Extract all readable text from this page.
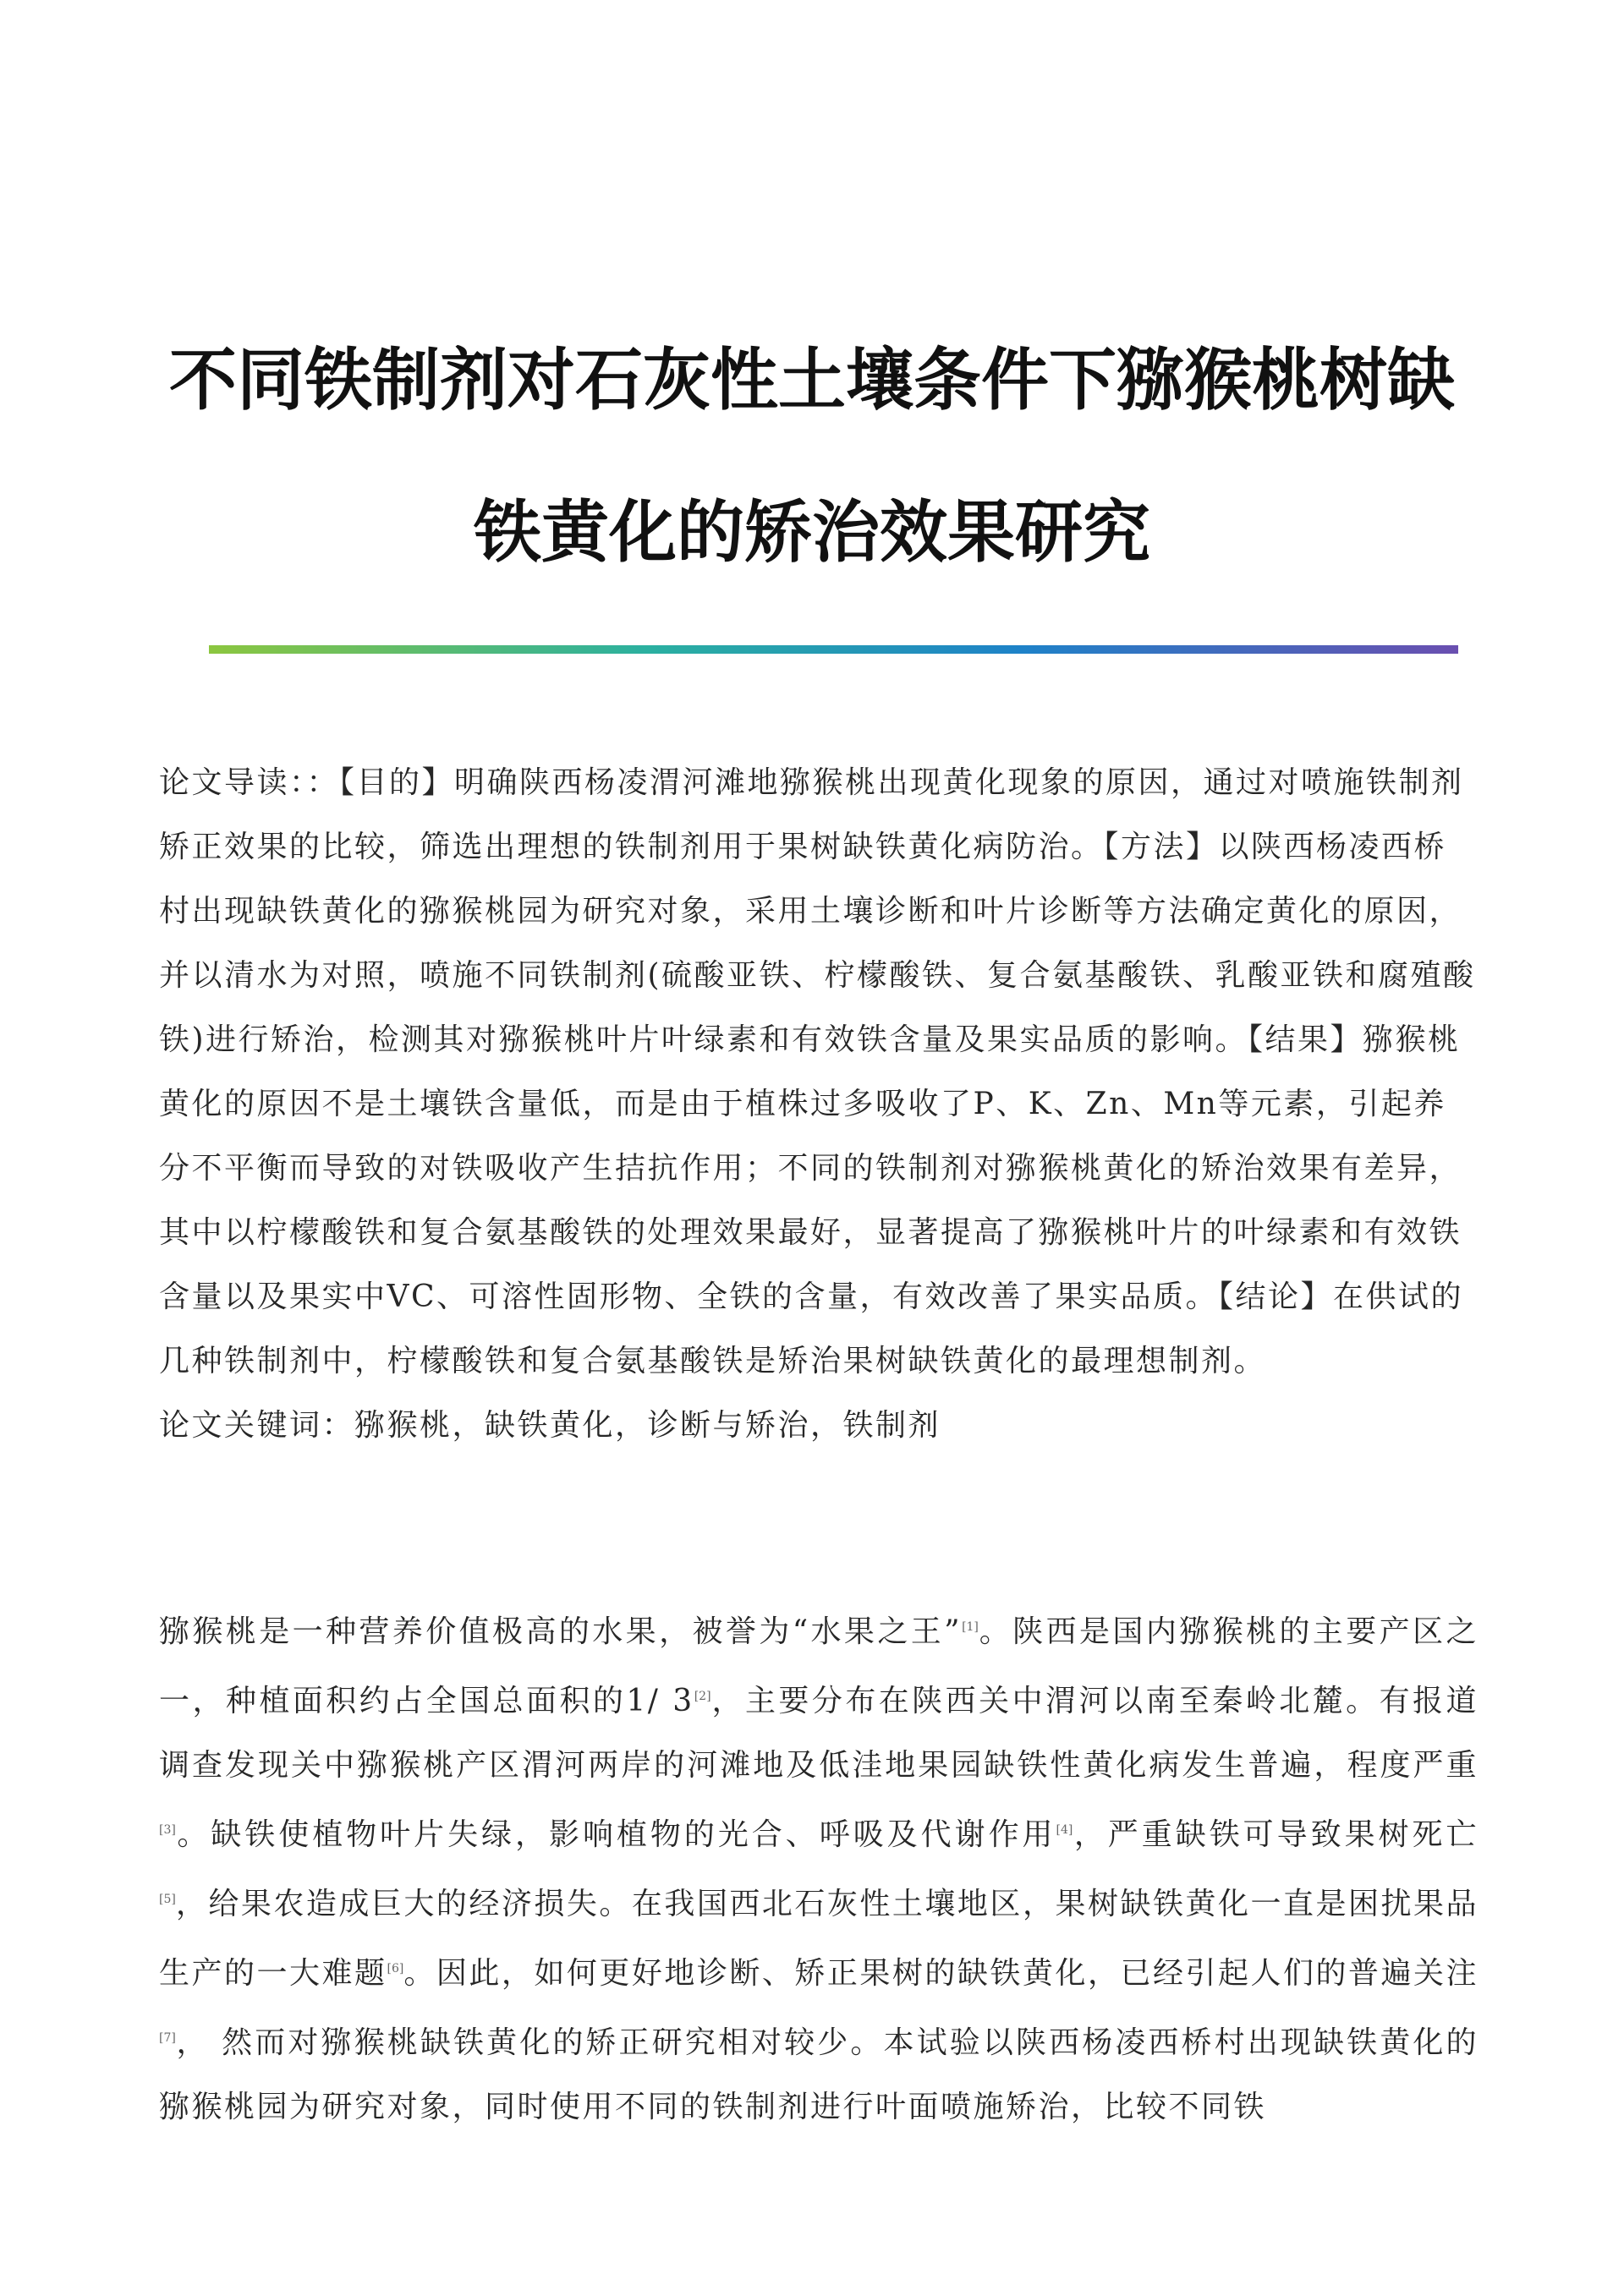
不同铁制剂对石灰性土壤条件下猕猴桃树缺
铁黄化的矫治效果研究

论文导读：：【目的】明确陕西杨凌渭河滩地猕猴桃出现黄化现象的原因，通过对喷施铁制剂矫正效果的比较，筛选出理想的铁制剂用于果树缺铁黄化病防治。【方法】以陕西杨凌西桥村出现缺铁黄化的猕猴桃园为研究对象，采用土壤诊断和叶片诊断等方法确定黄化的原因，并以清水为对照，喷施不同铁制剂(硫酸亚铁、柠檬酸铁、复合氨基酸铁、乳酸亚铁和腐殖酸铁)进行矫治，检测其对猕猴桃叶片叶绿素和有效铁含量及果实品质的影响。【结果】猕猴桃黄化的原因不是土壤铁含量低，而是由于植株过多吸收了P、K、Zn、Mn等元素，引起养分不平衡而导致的对铁吸收产生拮抗作用；不同的铁制剂对猕猴桃黄化的矫治效果有差异，其中以柠檬酸铁和复合氨基酸铁的处理效果最好，显著提高了猕猴桃叶片的叶绿素和有效铁含量以及果实中VC、可溶性固形物、全铁的含量，有效改善了果实品质。【结论】在供试的几种铁制剂中，柠檬酸铁和复合氨基酸铁是矫治果树缺铁黄化的最理想制剂。
论文关键词：猕猴桃，缺铁黄化，诊断与矫治，铁制剂

猕猴桃是一种营养价值极高的水果，被誉为“水果之王”[1]。陕西是国内猕猴桃的主要产区之一，种植面积约占全国总面积的1/ 3[2]，主要分布在陕西关中渭河以南至秦岭北麓。有报道调查发现关中猕猴桃产区渭河两岸的河滩地及低洼地果园缺铁性黄化病发生普遍，程度严重[3]。缺铁使植物叶片失绿，影响植物的光合、呼吸及代谢作用[4]，严重缺铁可导致果树死亡[5]，给果农造成巨大的经济损失。在我国西北石灰性土壤地区，果树缺铁黄化一直是困扰果品生产的一大难题[6]。因此，如何更好地诊断、矫正果树的缺铁黄化，已经引起人们的普遍关注[7]， 然而对猕猴桃缺铁黄化的矫正研究相对较少。本试验以陕西杨凌西桥村出现缺铁黄化的猕猴桃园为研究对象，同时使用不同的铁制剂进行叶面喷施矫治，比较不同铁
